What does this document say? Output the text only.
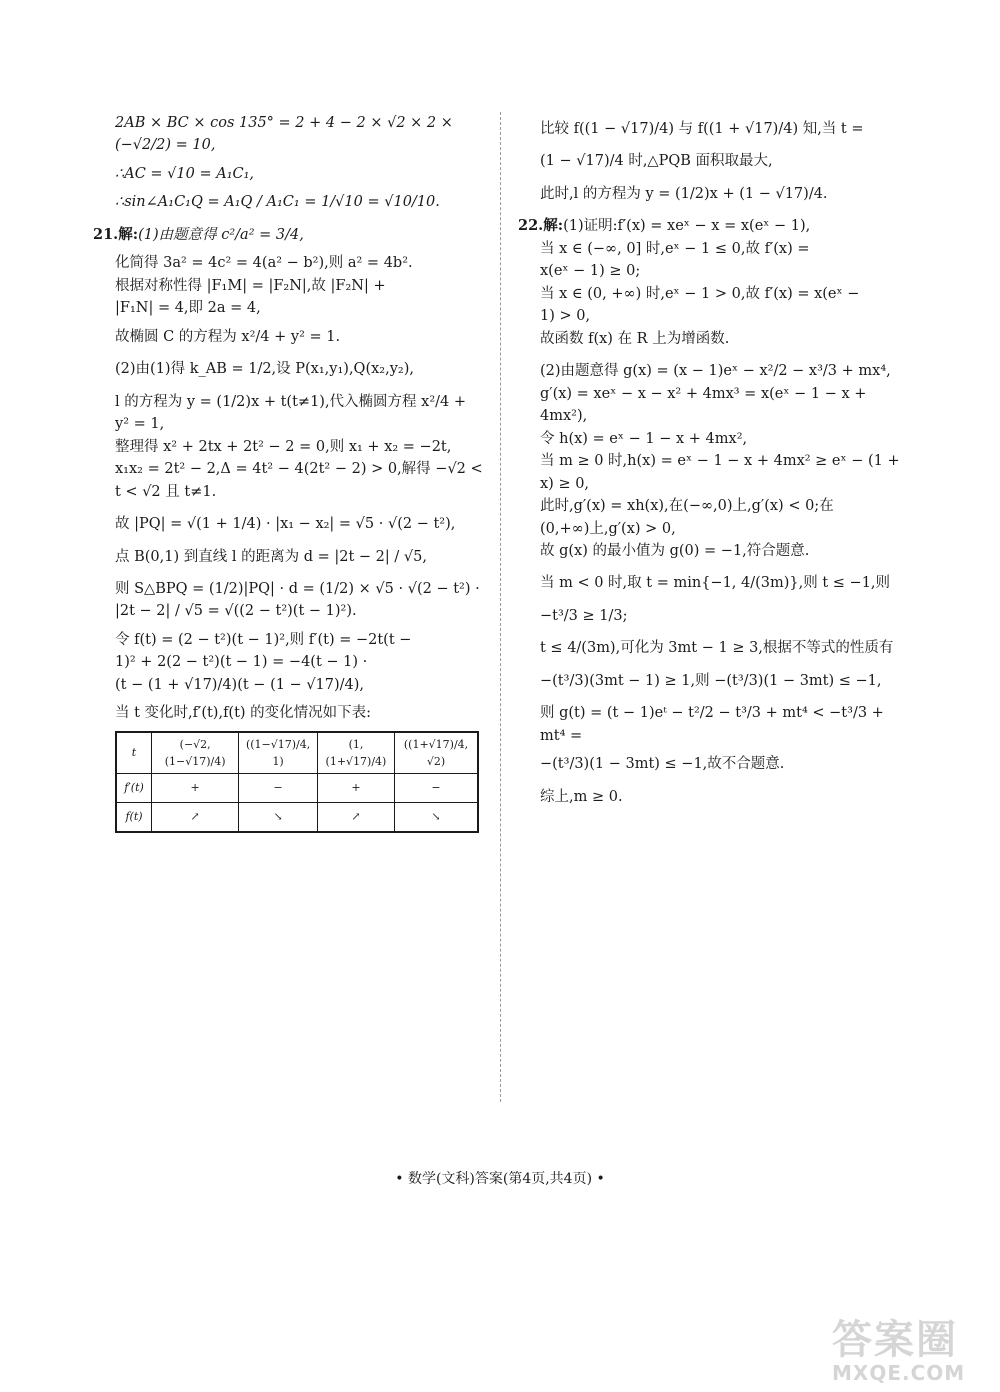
2AB × BC × cos 135° = 2 + 4 − 2 × √2 × 2 ×

(−√2/2) = 10,

∴AC = √10 = A₁C₁,

∴sin∠A₁C₁Q = A₁Q / A₁C₁ = 1/√10 = √10/10.

21.解:(1)由题意得 c²/a² = 3/4,

化简得 3a² = 4c² = 4(a² − b²),则 a² = 4b².

根据对称性得 |F₁M| = |F₂N|,故 |F₂N| +

|F₁N| = 4,即 2a = 4,

故椭圆 C 的方程为 x²/4 + y² = 1.

(2)由(1)得 k_AB = 1/2,设 P(x₁,y₁),Q(x₂,y₂),

l 的方程为 y = (1/2)x + t(t≠1),代入椭圆方程 x²/4 +

y² = 1,

整理得 x² + 2tx + 2t² − 2 = 0,则 x₁ + x₂ = −2t,

x₁x₂ = 2t² − 2,Δ = 4t² − 4(2t² − 2) > 0,解得 −√2 <

t < √2 且 t≠1.

故 |PQ| = √(1 + 1/4) · |x₁ − x₂| = √5 · √(2 − t²),

点 B(0,1) 到直线 l 的距离为 d = |2t − 2| / √5,

则 S△BPQ = (1/2)|PQ| · d = (1/2) × √5 · √(2 − t²) ·

|2t − 2| / √5 = √((2 − t²)(t − 1)²).

令 f(t) = (2 − t²)(t − 1)²,则 f′(t) = −2t(t −

1)² + 2(2 − t²)(t − 1) = −4(t − 1) ·

(t − (1 + √17)/4)(t − (1 − √17)/4),

当 t 变化时,f′(t),f(t) 的变化情况如下表:

t	(−√2, (1−√17)/4)	((1−√17)/4, 1)	(1, (1+√17)/4)	((1+√17)/4, √2)
f′(t)	+	−	+	−
f(t)	↗	↘	↗	↘

比较 f((1 − √17)/4) 与 f((1 + √17)/4) 知,当 t =

(1 − √17)/4 时,△PQB 面积取最大,

此时,l 的方程为 y = (1/2)x + (1 − √17)/4.

22.解:(1)证明:f′(x) = xeˣ − x = x(eˣ − 1),

当 x ∈ (−∞, 0] 时,eˣ − 1 ≤ 0,故 f′(x) =

x(eˣ − 1) ≥ 0;

当 x ∈ (0, +∞) 时,eˣ − 1 > 0,故 f′(x) = x(eˣ −

1) > 0,

故函数 f(x) 在 R 上为增函数.

(2)由题意得 g(x) = (x − 1)eˣ − x²/2 − x³/3 + mx⁴,

g′(x) = xeˣ − x − x² + 4mx³ = x(eˣ − 1 − x +

4mx²),

令 h(x) = eˣ − 1 − x + 4mx²,

当 m ≥ 0 时,h(x) = eˣ − 1 − x + 4mx² ≥ eˣ − (1 +

x) ≥ 0,

此时,g′(x) = xh(x),在(−∞,0)上,g′(x) < 0;在

(0,+∞)上,g′(x) > 0,

故 g(x) 的最小值为 g(0) = −1,符合题意.

当 m < 0 时,取 t = min{−1, 4/(3m)},则 t ≤ −1,则

−t³/3 ≥ 1/3;

t ≤ 4/(3m),可化为 3mt − 1 ≥ 3,根据不等式的性质有

−(t³/3)(3mt − 1) ≥ 1,则 −(t³/3)(1 − 3mt) ≤ −1,

则 g(t) = (t − 1)eᵗ − t²/2 − t³/3 + mt⁴ < −t³/3 + mt⁴ =

−(t³/3)(1 − 3mt) ≤ −1,故不合题意.

综上,m ≥ 0.

• 数学(文科)答案(第4页,共4页) •
答案圈
MXQE.COM
